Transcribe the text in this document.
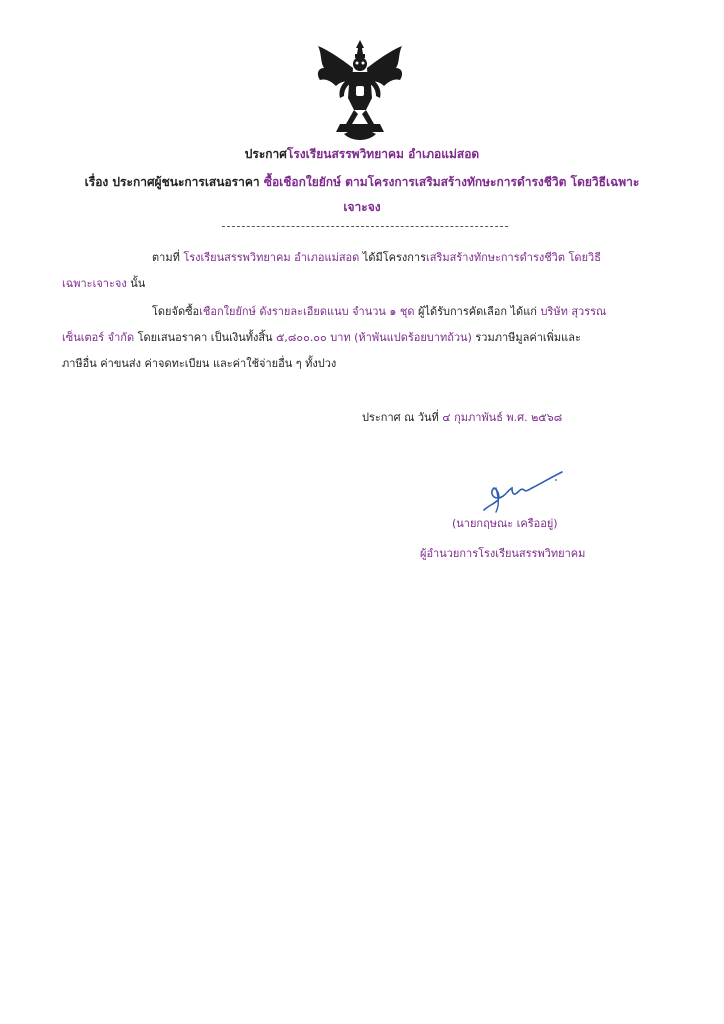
ประกาศโรงเรียนสรรพวิทยาคม อำเภอแม่สอด
เรื่อง ประกาศผู้ชนะการเสนอราคา ซื้อเชือกใยยักษ์ ตามโครงการเสริมสร้างทักษะการดำรงชีวิต โดยวิธีเฉพาะ
เจาะจง
ตามที่ โรงเรียนสรรพวิทยาคม อำเภอแม่สอด ได้มีโครงการเสริมสร้างทักษะการดำรงชีวิต โดยวิธี
เฉพาะเจาะจง นั้น
โดยจัดซื้อเชือกใยยักษ์ ดังรายละเอียดแนบ จำนวน ๑ ชุด ผู้ได้รับการคัดเลือก ได้แก่ บริษัท สุวรรณ
เซ็นเตอร์ จำกัด โดยเสนอราคา เป็นเงินทั้งสิ้น ๕,๘๐๐.๐๐ บาท (ห้าพันแปดร้อยบาทถ้วน) รวมภาษีมูลค่าเพิ่มและ
ภาษีอื่น ค่าขนส่ง ค่าจดทะเบียน และค่าใช้จ่ายอื่น ๆ ทั้งปวง
ประกาศ ณ วันที่ ๔ กุมภาพันธ์ พ.ศ. ๒๕๖๘
(นายกฤษณะ เครืออยู่)
ผู้อำนวยการโรงเรียนสรรพวิทยาคม
